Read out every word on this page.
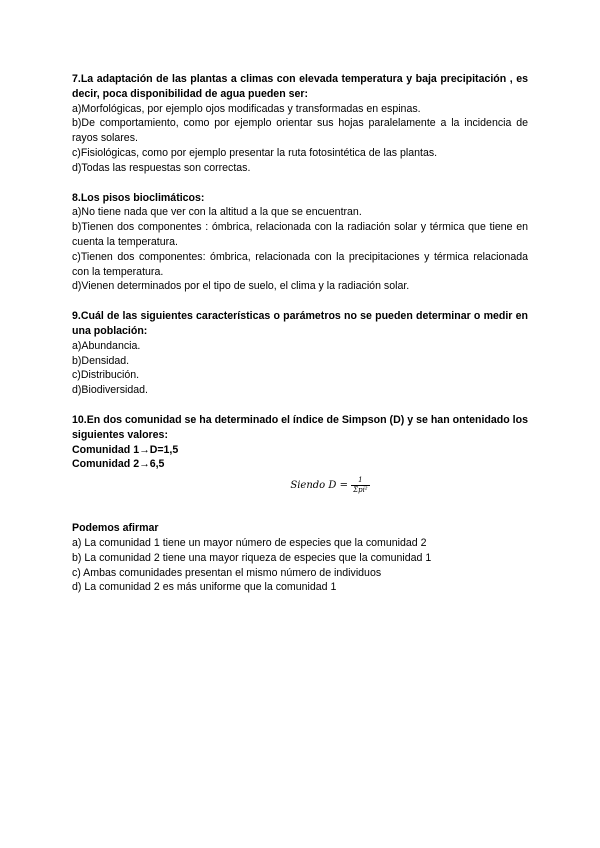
7.La adaptación de las plantas a climas con elevada temperatura y baja precipitación , es decir, poca disponibilidad de agua pueden ser:
a)Morfológicas, por ejemplo ojos modificadas y transformadas en espinas.
b)De comportamiento, como por ejemplo orientar sus hojas paralelamente a la incidencia de rayos solares.
c)Fisiológicas, como por ejemplo presentar la ruta fotosintética de las plantas.
d)Todas las respuestas son correctas.
8.Los pisos bioclimáticos:
a)No tiene nada que ver con la altitud a la que se encuentran.
b)Tienen dos componentes : ómbrica, relacionada con la radiación solar y térmica que tiene en cuenta la temperatura.
c)Tienen dos componentes: ómbrica, relacionada con la precipitaciones y térmica relacionada con la temperatura.
d)Vienen determinados por el tipo de suelo, el clima y la radiación solar.
9.Cuál de las siguientes características o parámetros no se pueden determinar o medir en una población:
a)Abundancia.
b)Densidad.
c)Distribución.
d)Biodiversidad.
10.En dos comunidad se ha determinado el índice de Simpson (D) y se han ontenidado los siguientes valores:
Comunidad 1→D=1,5
Comunidad 2→6,5
Siendo $D = \frac{1}{\text{Σpi²}}$
Podemos afirmar
a) La comunidad 1 tiene un mayor número de especies que la comunidad 2
b) La comunidad 2 tiene una mayor riqueza de especies que la comunidad 1
c) Ambas comunidades presentan el mismo número de individuos
d) La comunidad 2 es más uniforme que la comunidad 1
